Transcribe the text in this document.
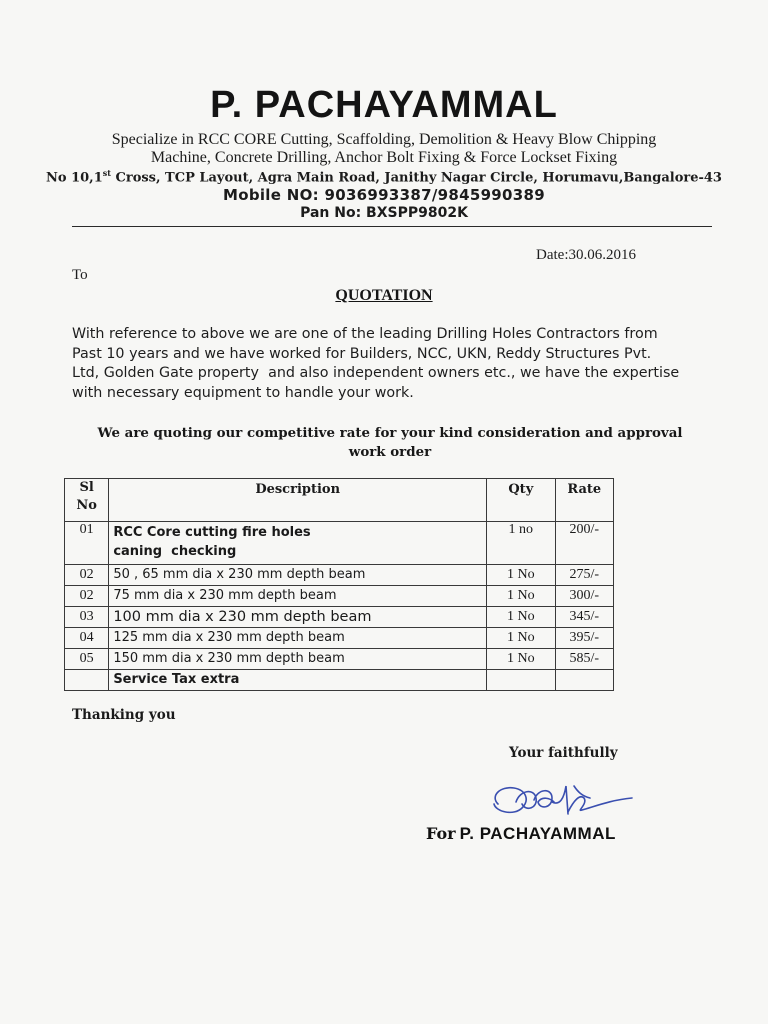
P. PACHAYAMMAL
Specialize in RCC CORE Cutting, Scaffolding, Demolition & Heavy Blow Chipping
Machine, Concrete Drilling, Anchor Bolt Fixing & Force Lockset Fixing
No 10,1st Cross, TCP Layout, Agra Main Road, Janithy Nagar Circle, Horumavu,Bangalore-43
Mobile NO: 9036993387/9845990389
Pan No: BXSPP9802K
Date:30.06.2016
To
QUOTATION
With reference to above we are one of the leading Drilling Holes Contractors from
Past 10 years and we have worked for Builders, NCC, UKN, Reddy Structures Pvt.
Ltd, Golden Gate property  and also independent owners etc., we have the expertise
with necessary equipment to handle your work.
We are quoting our competitive rate for your kind consideration and approval
work order
Sl
No	Description	Qty	Rate
01	RCC Core cutting fire holes
caning  checking	1 no	200/-
02	50 , 65 mm dia x 230 mm depth beam	1 No	275/-
02	75 mm dia x 230 mm depth beam	1 No	300/-
03	100 mm dia x 230 mm depth beam	1 No	345/-
04	125 mm dia x 230 mm depth beam	1 No	395/-
05	150 mm dia x 230 mm depth beam	1 No	585/-
	Service Tax extra		
Thanking you
Your faithfully
For P. PACHAYAMMAL
